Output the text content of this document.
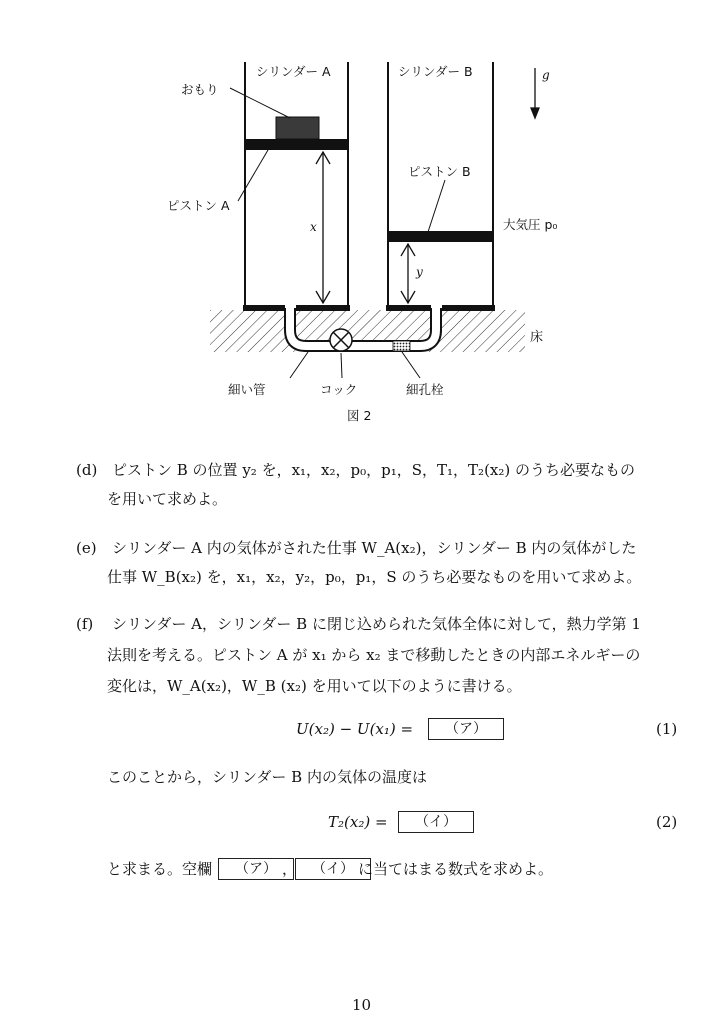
シリンダー A	シリンダー B	g
おもり
ピストン A
ピストン B
大気圧 p₀
x
y
床
細い管	コック	細孔栓
図 2
(d) ピストン B の位置 y₂ を，x₁，x₂，p₀，p₁，S，T₁，T₂(x₂) のうち必要なもの
を用いて求めよ。
(e) シリンダー A 内の気体がされた仕事 W_A(x₂)，シリンダー B 内の気体がした
仕事 W_B(x₂) を，x₁，x₂，y₂，p₀，p₁，S のうち必要なものを用いて求めよ。
(f) シリンダー A，シリンダー B に閉じ込められた気体全体に対して，熱力学第 1
法則を考える。ピストン A が x₁ から x₂ まで移動したときの内部エネルギーの
変化は，W_A(x₂)，W_B (x₂) を用いて以下のように書ける。
U(x₂) − U(x₁) =	（ア）	(1)
このことから，シリンダー B 内の気体の温度は
T₂(x₂) =	（イ）	(2)
と求まる。空欄	（ア） ，	（イ） に当てはまる数式を求めよ。
10
